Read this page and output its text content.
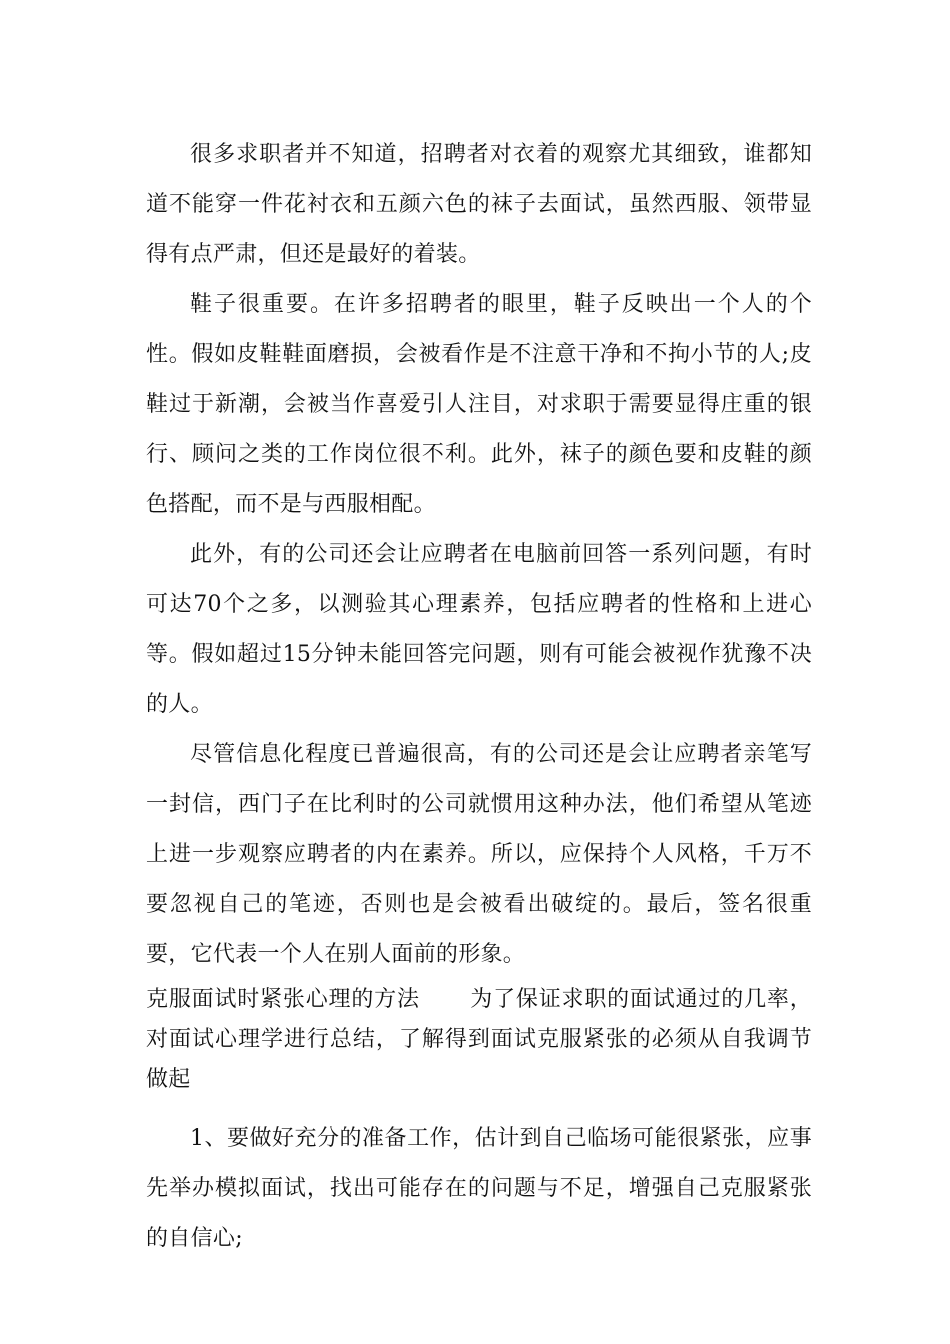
很多求职者并不知道，招聘者对衣着的观察尤其细致，谁都知道不能穿一件花衬衣和五颜六色的袜子去面试，虽然西服、领带显得有点严肃，但还是最好的着装。

鞋子很重要。在许多招聘者的眼里，鞋子反映出一个人的个性。假如皮鞋鞋面磨损，会被看作是不注意干净和不拘小节的人;皮鞋过于新潮，会被当作喜爱引人注目，对求职于需要显得庄重的银行、顾问之类的工作岗位很不利。此外，袜子的颜色要和皮鞋的颜色搭配，而不是与西服相配。

此外，有的公司还会让应聘者在电脑前回答一系列问题，有时可达70个之多，以测验其心理素养，包括应聘者的性格和上进心等。假如超过15分钟未能回答完问题，则有可能会被视作犹豫不决的人。

尽管信息化程度已普遍很高，有的公司还是会让应聘者亲笔写一封信，西门子在比利时的公司就惯用这种办法，他们希望从笔迹上进一步观察应聘者的内在素养。所以，应保持个人风格，千万不要忽视自己的笔迹，否则也是会被看出破绽的。最后，签名很重要，它代表一个人在别人面前的形象。

克服面试时紧张心理的方法 为了保证求职的面试通过的几率，对面试心理学进行总结，了解得到面试克服紧张的必须从自我调节做起

1、要做好充分的准备工作，估计到自己临场可能很紧张，应事先举办模拟面试，找出可能存在的问题与不足，增强自己克服紧张的自信心;
